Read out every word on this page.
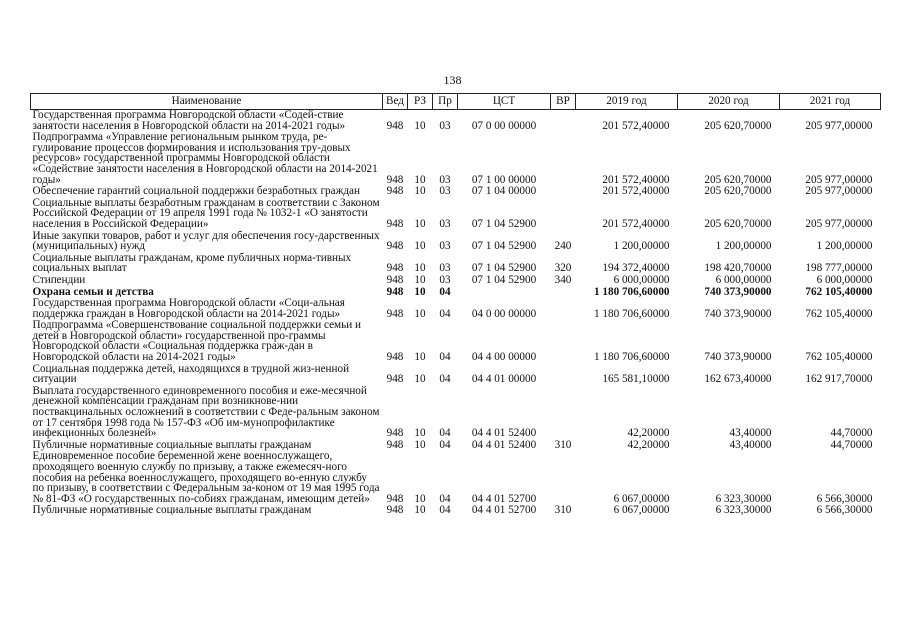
138
Наименование	Вед	РЗ	Пр	ЦСТ	ВР	2019 год	2020 год	2021 год
Государственная программа Новгородской области «Содей-ствие занятости населения в Новгородской области на 2014-2021 годы»	948	10	03	07 0 00 00000		201 572,40000	205 620,70000	205 977,00000
Подпрограмма «Управление региональным рынком труда, ре-гулирование процессов формирования и использования тру-довых ресурсов» государственной программы Новгородской области «Содействие занятости населения в Новгородской области на 2014-2021 годы»	948	10	03	07 1 00 00000		201 572,40000	205 620,70000	205 977,00000
Обеспечение гарантий социальной поддержки безработных граждан	948	10	03	07 1 04 00000		201 572,40000	205 620,70000	205 977,00000
Социальные выплаты безработным гражданам в соответствии с Законом Российской Федерации от 19 апреля 1991 года № 1032-1 «О занятости населения в Российской Федерации»	948	10	03	07 1 04 52900		201 572,40000	205 620,70000	205 977,00000
Иные закупки товаров, работ и услуг для обеспечения госу-дарственных (муниципальных) нужд	948	10	03	07 1 04 52900	240	1 200,00000	1 200,00000	1 200,00000
Социальные выплаты гражданам, кроме публичных норма-тивных социальных выплат	948	10	03	07 1 04 52900	320	194 372,40000	198 420,70000	198 777,00000
Стипендии	948	10	03	07 1 04 52900	340	6 000,00000	6 000,00000	6 000,00000
Охрана семьи и детства	948	10	04			1 180 706,60000	740 373,90000	762 105,40000
Государственная программа Новгородской области «Соци-альная поддержка граждан в Новгородской области на 2014-2021 годы»	948	10	04	04 0 00 00000		1 180 706,60000	740 373,90000	762 105,40000
Подпрограмма «Совершенствование социальной поддержки семьи и детей в Новгородской области» государственной про-граммы Новгородской области «Социальная поддержка граж-дан в Новгородской области на 2014-2021 годы»	948	10	04	04 4 00 00000		1 180 706,60000	740 373,90000	762 105,40000
Социальная поддержка детей, находящихся в трудной жиз-ненной ситуации	948	10	04	04 4 01 00000		165 581,10000	162 673,40000	162 917,70000
Выплата государственного единовременного пособия и еже-месячной денежной компенсации гражданам при возникнове-нии поствакцинальных осложнений в соответствии с Феде-ральным законом от 17 сентября 1998 года № 157-ФЗ «Об им-мунопрофилактике инфекционных болезней»	948	10	04	04 4 01 52400		42,20000	43,40000	44,70000
Публичные нормативные социальные выплаты гражданам	948	10	04	04 4 01 52400	310	42,20000	43,40000	44,70000
Единовременное пособие беременной жене военнослужащего, проходящего военную службу по призыву, а также ежемесяч-ного пособия на ребенка военнослужащего, проходящего во-енную службу по призыву, в соответствии с Федеральным за-коном от 19 мая 1995 года № 81-ФЗ «О государственных по-собиях гражданам, имеющим детей»	948	10	04	04 4 01 52700		6 067,00000	6 323,30000	6 566,30000
Публичные нормативные социальные выплаты гражданам	948	10	04	04 4 01 52700	310	6 067,00000	6 323,30000	6 566,30000
